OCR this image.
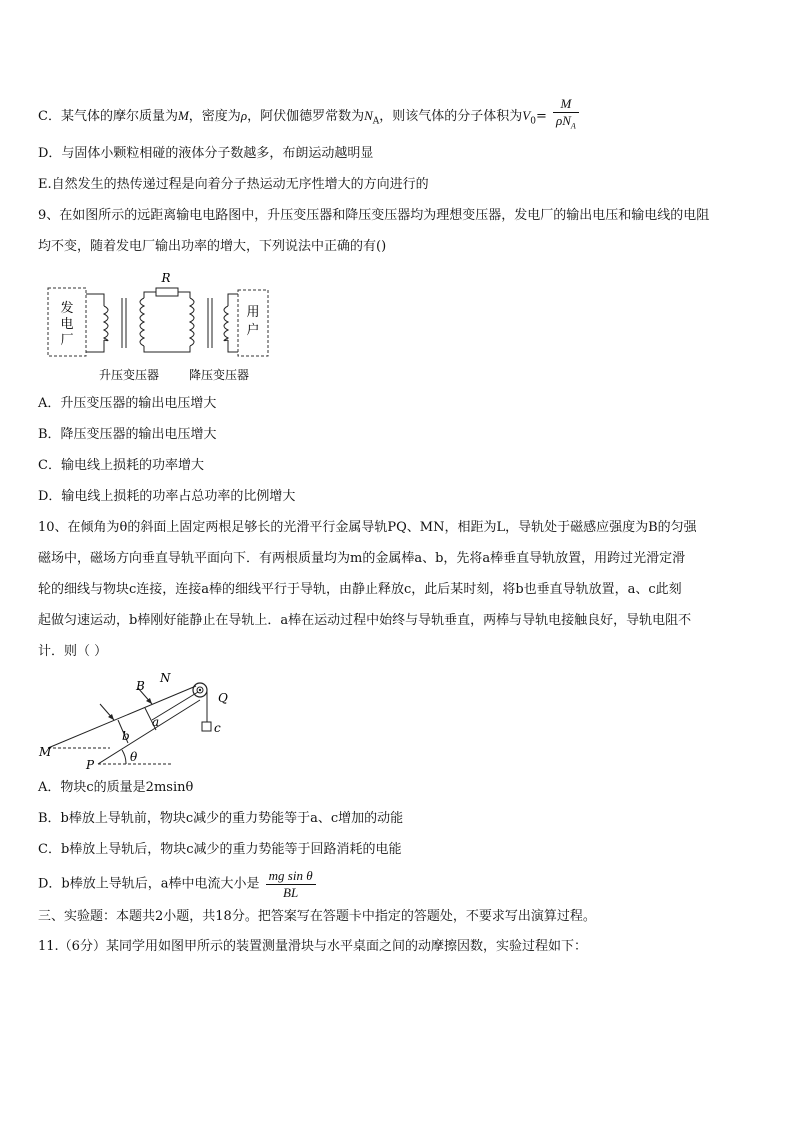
C．某气体的摩尔质量为M，密度为ρ，阿伏伽德罗常数为$N_A$，则该气体的分子体积为$V_0= \frac{M}{\rho N_A}$
D．与固体小颗粒相碰的液体分子数越多，布朗运动越明显
E.自然发生的热传递过程是向着分子热运动无序性增大的方向进行的
9、在如图所示的远距离输电电路图中，升压变压器和降压变压器均为理想变压器，发电厂的输出电压和输电线的电阻
均不变，随着发电厂输出功率的增大，下列说法中正确的有()
发
电
厂
R
用
户
升压变压器 降压变压器
A．升压变压器的输出电压增大
B．降压变压器的输出电压增大
C．输电线上损耗的功率增大
D．输电线上损耗的功率占总功率的比例增大
10、在倾角为θ的斜面上固定两根足够长的光滑平行金属导轨PQ、MN，相距为L，导轨处于磁感应强度为B的匀强
磁场中，磁场方向垂直导轨平面向下．有两根质量均为m的金属棒a、b，先将a棒垂直导轨放置，用跨过光滑定滑
轮的细线与物块c连接，连接a棒的细线平行于导轨，由静止释放c，此后某时刻，将b也垂直导轨放置，a、c此刻
起做匀速运动，b棒刚好能静止在导轨上．a棒在运动过程中始终与导轨垂直，两棒与导轨电接触良好，导轨电阻不
计．则（ ）
B
N
Q
a
b
c
M
P
θ
A．物块c的质量是2msinθ
B．b棒放上导轨前，物块c减少的重力势能等于a、c增加的动能
C．b棒放上导轨后，物块c减少的重力势能等于回路消耗的电能
D．b棒放上导轨后，a棒中电流大小是 $\frac{\text{mg sin θ}}{BL}$
三、实验题：本题共2小题，共18分。把答案写在答题卡中指定的答题处，不要求写出演算过程。
11.（6分）某同学用如图甲所示的装置测量滑块与水平桌面之间的动摩擦因数，实验过程如下：
